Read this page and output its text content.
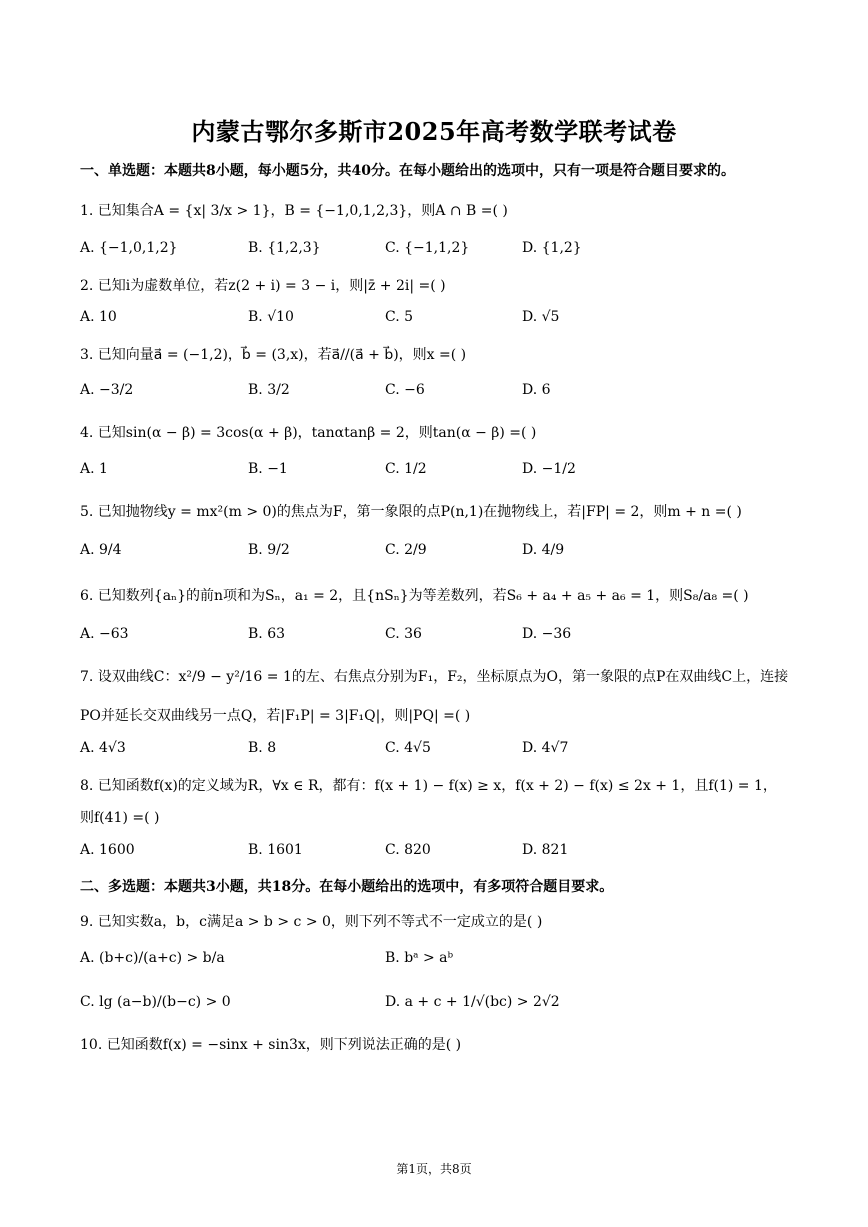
内蒙古鄂尔多斯市2025年高考数学联考试卷
一、单选题：本题共8小题，每小题5分，共40分。在每小题给出的选项中，只有一项是符合题目要求的。
1. 已知集合A = {x| 3/x > 1}，B = {−1,0,1,2,3}，则A ∩ B =( )
A. {−1,0,1,2}	B. {1,2,3}	C. {−1,1,2}	D. {1,2}
2. 已知i为虚数单位，若z(2 + i) = 3 − i，则|z̄ + 2i| =( )
A. 10	B. √10	C. 5	D. √5
3. 已知向量a⃗ = (−1,2)，b⃗ = (3,x)，若a⃗//(a⃗ + b⃗)，则x =( )
A. −3/2	B. 3/2	C. −6	D. 6
4. 已知sin(α − β) = 3cos(α + β)，tanαtanβ = 2，则tan(α − β) =( )
A. 1	B. −1	C. 1/2	D. −1/2
5. 已知抛物线y = mx²(m > 0)的焦点为F，第一象限的点P(n,1)在抛物线上，若|FP| = 2，则m + n =( )
A. 9/4	B. 9/2	C. 2/9	D. 4/9
6. 已知数列{aₙ}的前n项和为Sₙ，a₁ = 2，且{nSₙ}为等差数列，若S₆ + a₄ + a₅ + a₆ = 1，则S₈/a₈ =( )
A. −63	B. 63	C. 36	D. −36
7. 设双曲线C：x²/9 − y²/16 = 1的左、右焦点分别为F₁，F₂，坐标原点为O，第一象限的点P在双曲线C上，连接
PO并延长交双曲线另一点Q，若|F₁P| = 3|F₁Q|，则|PQ| =( )
A. 4√3	B. 8	C. 4√5	D. 4√7
8. 已知函数f(x)的定义域为R，∀x ∈ R，都有：f(x + 1) − f(x) ≥ x，f(x + 2) − f(x) ≤ 2x + 1，且f(1) = 1，
则f(41) =( )
A. 1600	B. 1601	C. 820	D. 821
二、多选题：本题共3小题，共18分。在每小题给出的选项中，有多项符合题目要求。
9. 已知实数a，b，c满足a > b > c > 0，则下列不等式不一定成立的是( )
A. (b+c)/(a+c) > b/a	B. bᵃ > aᵇ
C. lg (a−b)/(b−c) > 0	D. a + c + 1/√(bc) > 2√2
10. 已知函数f(x) = −sinx + sin3x，则下列说法正确的是( )
第1页，共8页
